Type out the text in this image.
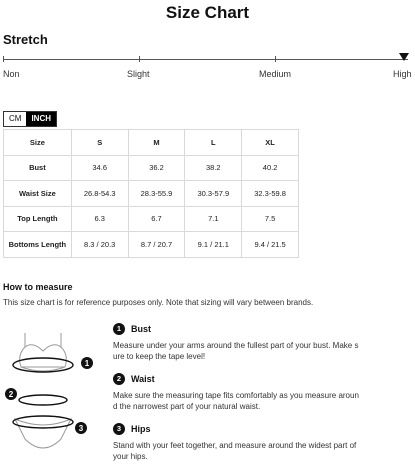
Size Chart
Stretch
Non	Slight	Medium	High
CM	INCH
Size	S	M	L	XL
Bust	34.6	36.2	38.2	40.2
Waist Size	26.8-54.3	28.3-55.9	30.3-57.9	32.3-59.8
Top Length	6.3	6.7	7.1	7.5
Bottoms Length	8.3 / 20.3	8.7 / 20.7	9.1 / 21.1	9.4 / 21.5
How to measure
This size chart is for reference purposes only. Note that sizing will vary between brands.
1
2
3
1	Bust
Measure under your arms around the fullest part of your bust. Make s
ure to keep the tape level!
2	Waist
Make sure the measuring tape fits comfortably as you measure aroun
d the narrowest part of your natural waist.
3	Hips
Stand with your feet together, and measure around the widest part of
your hips.
